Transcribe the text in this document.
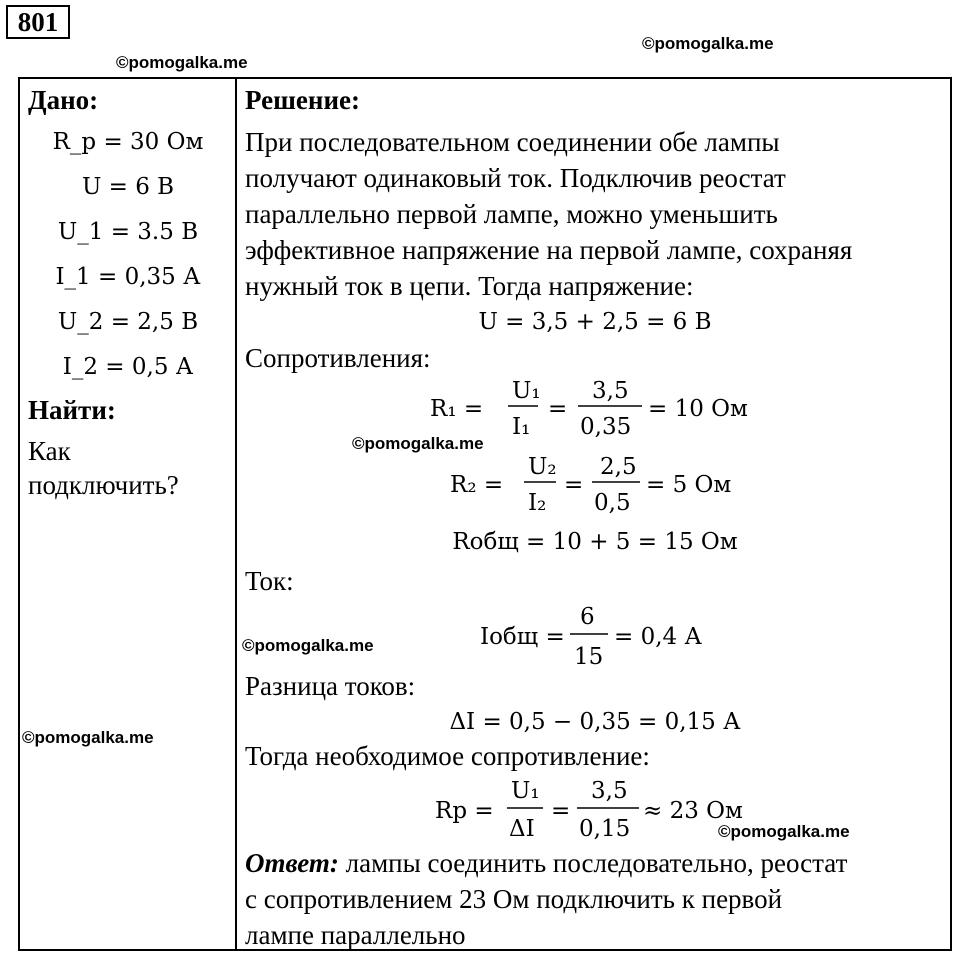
801
©pomogalka.me
©pomogalka.me
©pomogalka.me
©pomogalka.me
©pomogalka.me
©pomogalka.me
Дано:
R_p = 30 Ом
U = 6 В
U_1 = 3.5 В
I_1 = 0,35 А
U_2 = 2,5 В
I_2 = 0,5 А
Найти:
Как
подключить?
Решение:
При последовательном соединении обе лампы
получают одинаковый ток. Подключив реостат
параллельно первой лампе, можно уменьшить
эффективное напряжение на первой лампе, сохраняя
нужный ток в цепи. Тогда напряжение:
U = 3,5 + 2,5 = 6 В
Сопротивления:
R₁ =
U₁
I₁
=
3,5
0,35
= 10 Ом
R₂ =
U₂
I₂
=
2,5
0,5
= 5 Ом
Rобщ = 10 + 5 = 15 Ом
Ток:
Iобщ =
6
15
= 0,4 А
Разница токов:
ΔI = 0,5 − 0,35 = 0,15 А
Тогда необходимое сопротивление:
Rр =
U₁
ΔI
=
3,5
0,15
≈ 23 Ом
Ответ: лампы соединить последовательно, реостат
с сопротивлением 23 Ом подключить к первой
лампе параллельно
